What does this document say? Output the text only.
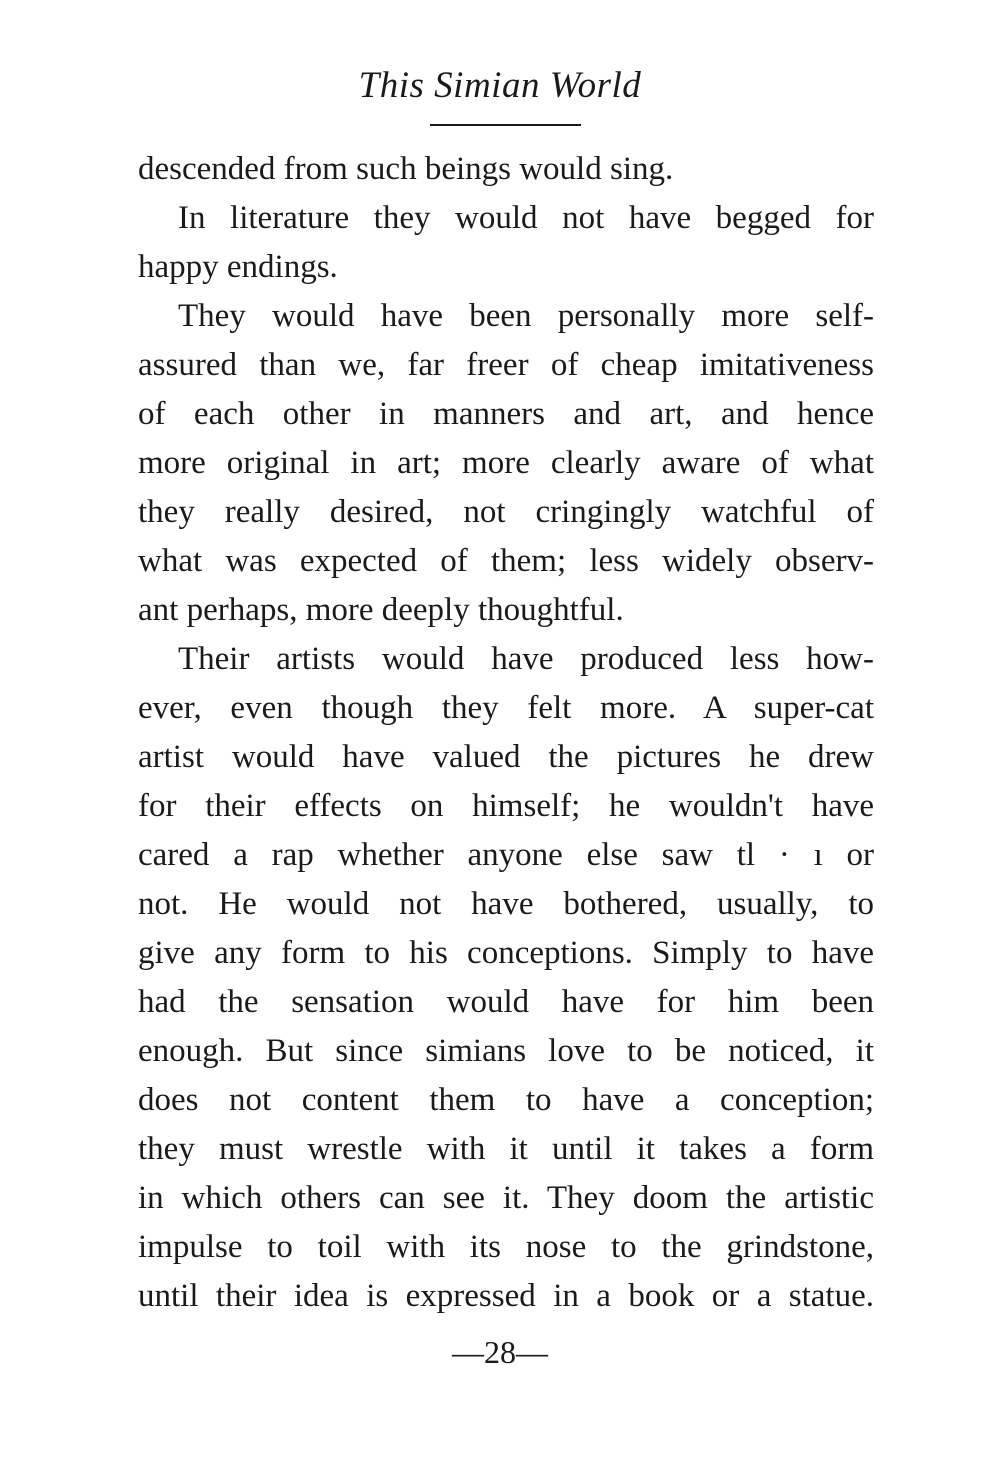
This Simian World
descended from such beings would sing.
In literature they would not have begged for
happy endings.
They would have been personally more self-
assured than we, far freer of cheap imitativeness
of each other in manners and art, and hence
more original in art; more clearly aware of what
they really desired, not cringingly watchful of
what was expected of them; less widely observ-
ant perhaps, more deeply thoughtful.
Their artists would have produced less how-
ever, even though they felt more. A super-cat
artist would have valued the pictures he drew
for their effects on himself; he wouldn't have
cared a rap whether anyone else saw tl · ı or
not. He would not have bothered, usually, to
give any form to his conceptions. Simply to have
had the sensation would have for him been
enough. But since simians love to be noticed, it
does not content them to have a conception;
they must wrestle with it until it takes a form
in which others can see it. They doom the artistic
impulse to toil with its nose to the grindstone,
until their idea is expressed in a book or a statue.
—28—
